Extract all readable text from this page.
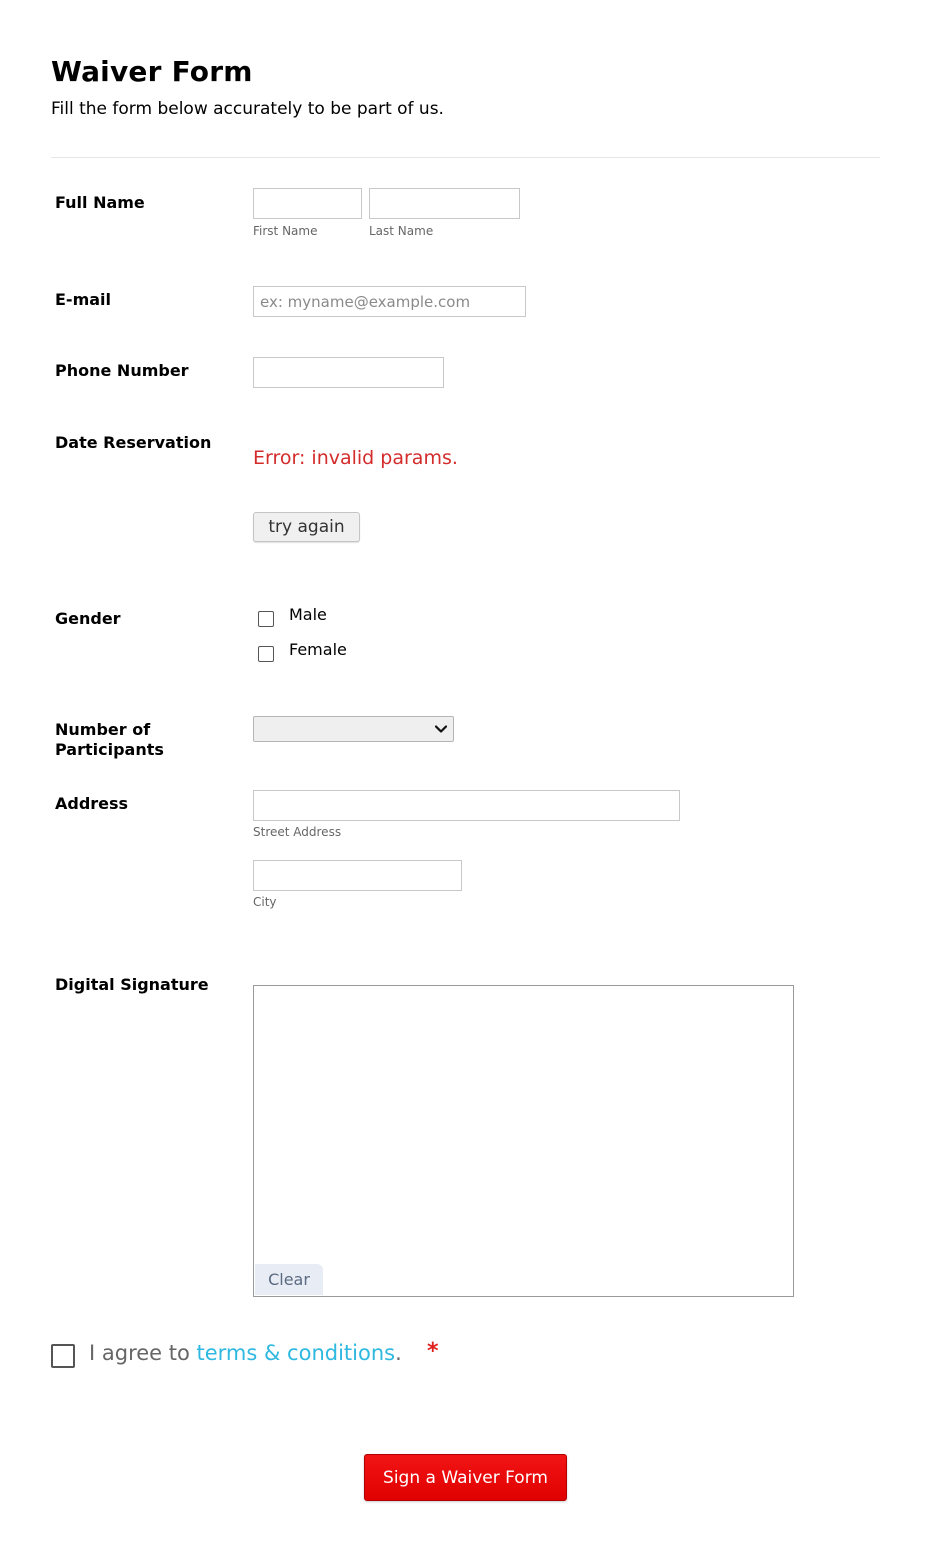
Waiver Form
Fill the form below accurately to be part of us.
Full Name
First Name	Last Name
E-mail
ex: myname@example.com
Phone Number
Date Reservation
Error: invalid params.
try again
Gender	Male
Female
Number of
Participants
Address
Street Address
City
Digital Signature
Clear
I agree to terms & conditions. *
Sign a Waiver Form
